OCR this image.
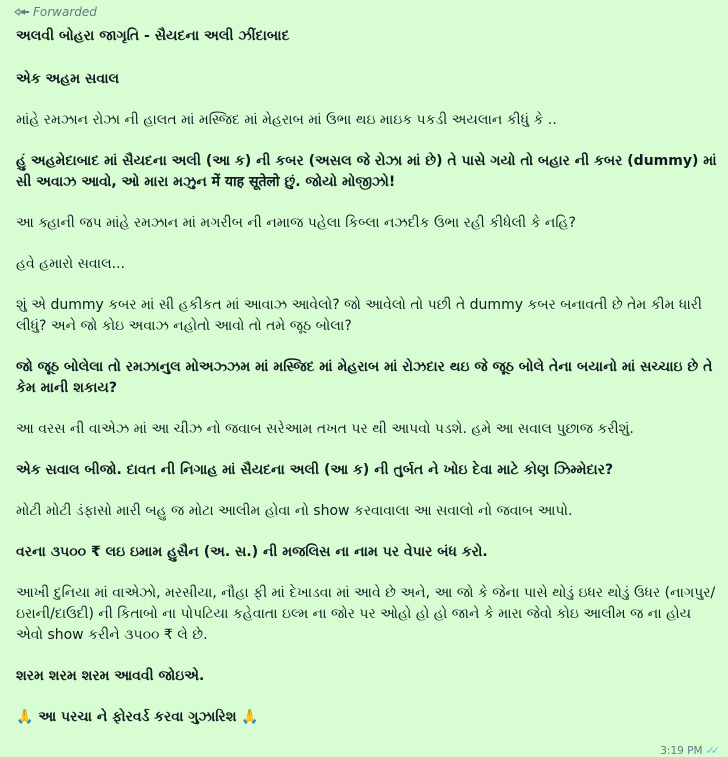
Forwarded

અલવી બોહરા જાગૃતિ - સૈયદના અલી ઝીંદાબાદ

એક અહમ સવાલ

માંહે રમઝાન રોઝા ની હાલત માં મસ્જિદ માં મેહરાબ માં ઉભા થઇ માઇક પકડી અયલાન કીધું કે ..

હું અહમેદાબાદ માં સૈયદના અલી (આ ક) ની કબર (અસલ જે રોઝા માં છે) તે પાસે ગયો તો બહાર ની કબર (dummy) માં સી અવાઝ આવો, ઓ મારા મઝુન में याह सूतेलो છું. જોયો મોજીઝો!

આ ક્હાની જપ માંહે રમઝાન માં મગરીબ ની નમાજ પહેલા કિબ્લા નઝદીક ઉભા રહી કીધેલી કે નહિ?

હવે હમારો સવાલ...

શું એ dummy કબર માં સી હકીકત માં આવાઝ આવેલો? જો આવેલો તો પછી તે dummy કબર બનાવતી છે તેમ કીમ ધારી લીધું? અને જો કોઇ અવાઝ નહોતો આવો તો તમે જૂઠ બોલા?

જો જૂઠ બોલેલા તો રમઝાનુલ મોઅઝ્ઝમ માં મસ્જિદ માં મેહરાબ માં રોઝદાર થઇ જે જૂઠ બોલે તેના બયાનો માં સચ્ચાઇ છે તે કેમ માની શકાય?

આ વરસ ની વાએઝ માં આ ચીઝ નો જવાબ સરેઆમ તખત પર થી આપવો પડશે. હમે આ સવાલ પુછાજ કરીશું.

એક સવાલ બીજો. દાવત ની નિગાહ માં સૈયદના અલી (આ ક) ની તુર્બત ને ખોઇ દેવા માટે કોણ ઝિમ્મેદાર?

મોટી મોટી ડંફાસો મારી બહુ જ મોટા આલીમ હોવા નો show કરવાવાલા આ સવાલો નો જવાબ આપો.

વરના ૩૫૦૦ ₹ લઇ ઇમામ હુસૈન (અ. સ.) ની મજલિસ ના નામ પર વેપાર બંધ કરો.

આખી દુનિયા માં વાએઝો, મરસીયા, નૌહા ફી માં દેખાડવા માં આવે છે અને, આ જો કે જેના પાસે થોડું ઇધર થોડું ઉધર (નાગપુર/ઇરાની/દાઉદી) ની કિતાબો ના પોપટિયા કહેવાતા ઇલ્મ ના જોર પર ઓહો હો હો જાને કે મારા જેવો કોઇ આલીમ જ ના હોય એવો show કરીને ૩૫૦૦ ₹ લે છે.

શરમ શરમ શરમ આવવી જોઇએ.

🙏 આ પરચા ને ફોરવર્ડ કરવા ગુઝારિશ 🙏

3:19 PM ✓✓
